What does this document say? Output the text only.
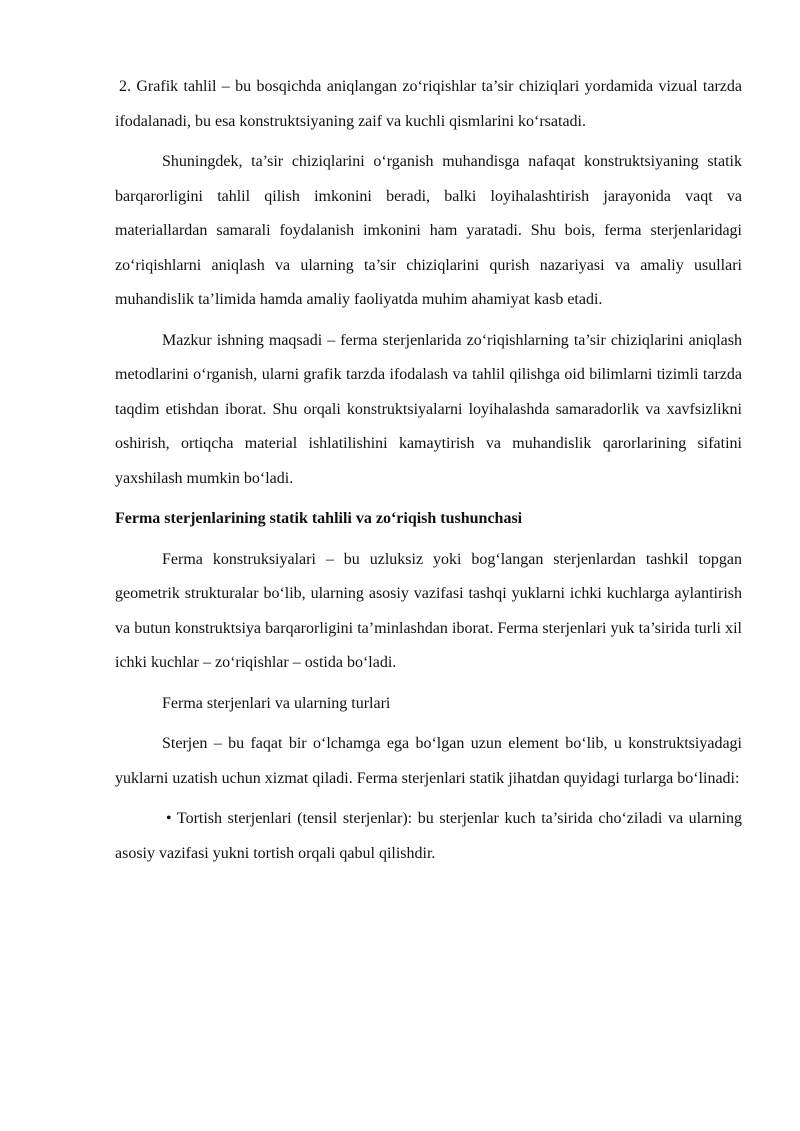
2. Grafik tahlil – bu bosqichda aniqlangan zo‘riqishlar ta’sir chiziqlari yordamida vizual tarzda ifodalanadi, bu esa konstruktsiyaning zaif va kuchli qismlarini ko‘rsatadi.

Shuningdek, ta’sir chiziqlarini o‘rganish muhandisga nafaqat konstruktsiyaning statik barqarorligini tahlil qilish imkonini beradi, balki loyihalashtirish jarayonida vaqt va materiallardan samarali foydalanish imkonini ham yaratadi. Shu bois, ferma sterjenlaridagi zo‘riqishlarni aniqlash va ularning ta’sir chiziqlarini qurish nazariyasi va amaliy usullari muhandislik ta’limida hamda amaliy faoliyatda muhim ahamiyat kasb etadi.

Mazkur ishning maqsadi – ferma sterjenlarida zo‘riqishlarning ta’sir chiziqlarini aniqlash metodlarini o‘rganish, ularni grafik tarzda ifodalash va tahlil qilishga oid bilimlarni tizimli tarzda taqdim etishdan iborat. Shu orqali konstruktsiyalarni loyihalashda samaradorlik va xavfsizlikni oshirish, ortiqcha material ishlatilishini kamaytirish va muhandislik qarorlarining sifatini yaxshilash mumkin bo‘ladi.

Ferma sterjenlarining statik tahlili va zo‘riqish tushunchasi

Ferma konstruksiyalari – bu uzluksiz yoki bog‘langan sterjenlardan tashkil topgan geometrik strukturalar bo‘lib, ularning asosiy vazifasi tashqi yuklarni ichki kuchlarga aylantirish va butun konstruktsiya barqarorligini ta’minlashdan iborat. Ferma sterjenlari yuk ta’sirida turli xil ichki kuchlar – zo‘riqishlar – ostida bo‘ladi.

Ferma sterjenlari va ularning turlari

Sterjen – bu faqat bir o‘lchamga ega bo‘lgan uzun element bo‘lib, u konstruktsiyadagi yuklarni uzatish uchun xizmat qiladi. Ferma sterjenlari statik jihatdan quyidagi turlarga bo‘linadi:

• Tortish sterjenlari (tensil sterjenlar): bu sterjenlar kuch ta’sirida cho‘ziladi va ularning asosiy vazifasi yukni tortish orqali qabul qilishdir.
